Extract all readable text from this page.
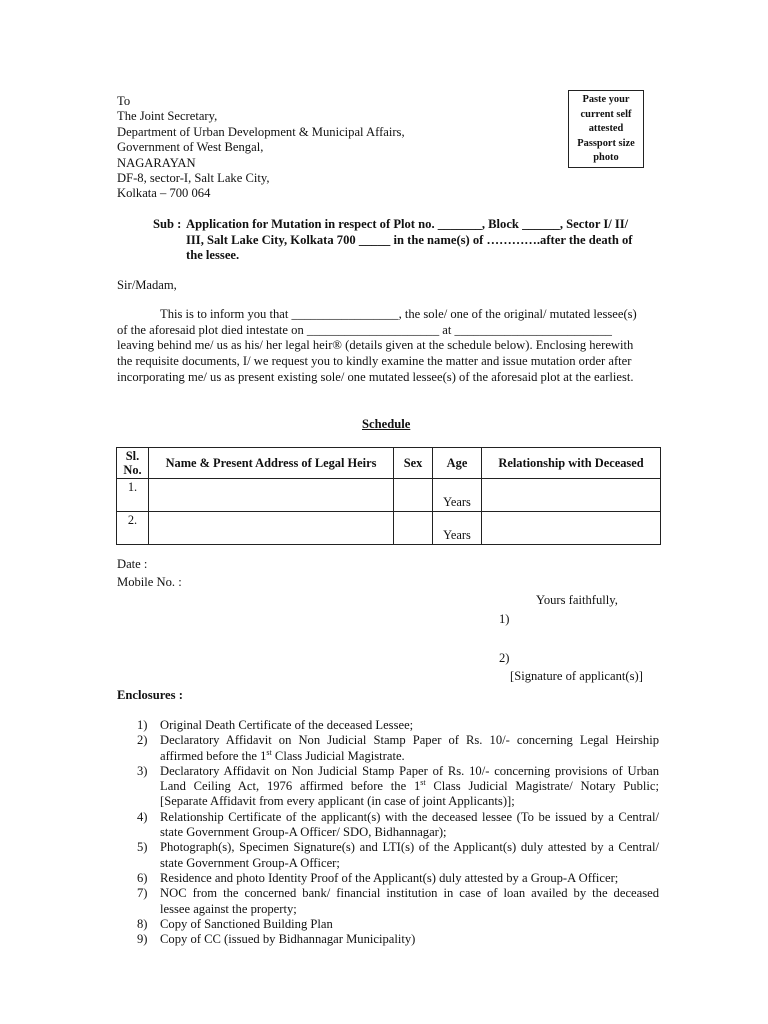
To
The Joint Secretary,
Department of Urban Development & Municipal Affairs,
Government of West Bengal,
NAGARAYAN
DF-8, sector-I, Salt Lake City,
Kolkata – 700 064
Paste your
current self
attested
Passport size
photo
Sub : Application for Mutation in respect of Plot no. _______, Block ______, Sector I/ II/
III, Salt Lake City, Kolkata 700 _____ in the name(s) of ………….after the death of
the lessee.
Sir/Madam,
This is to inform you that _________________, the sole/ one of the original/ mutated lessee(s)
of the aforesaid plot died intestate on _____________________ at _________________________
leaving behind me/ us as his/ her legal heir® (details given at the schedule below). Enclosing herewith
the requisite documents, I/ we request you to kindly examine the matter and issue mutation order after
incorporating me/ us as present existing sole/ one mutated lessee(s) of the aforesaid plot at the earliest.
Schedule
Sl. No.	Name & Present Address of Legal Heirs	Sex	Age	Relationship with Deceased
1.			Years	

2.			Years	

Date :
Mobile No. :
Yours faithfully,
1)
2)
[Signature of applicant(s)]
Enclosures :
1) Original Death Certificate of the deceased Lessee;
2) Declaratory Affidavit on Non Judicial Stamp Paper of Rs. 10/- concerning Legal Heirship
affirmed before the 1st Class Judicial Magistrate.
3) Declaratory Affidavit on Non Judicial Stamp Paper of Rs. 10/- concerning provisions of Urban
Land Ceiling Act, 1976 affirmed before the 1st Class Judicial Magistrate/ Notary Public;
[Separate Affidavit from every applicant (in case of joint Applicants)];
4) Relationship Certificate of the applicant(s) with the deceased lessee (To be issued by a Central/
state Government Group-A Officer/ SDO, Bidhannagar);
5) Photograph(s), Specimen Signature(s) and LTI(s) of the Applicant(s) duly attested by a Central/
state Government Group-A Officer;
6) Residence and photo Identity Proof of the Applicant(s) duly attested by a Group-A Officer;
7) NOC from the concerned bank/ financial institution in case of loan availed by the deceased
lessee against the property;
8) Copy of Sanctioned Building Plan
9) Copy of CC (issued by Bidhannagar Municipality)
